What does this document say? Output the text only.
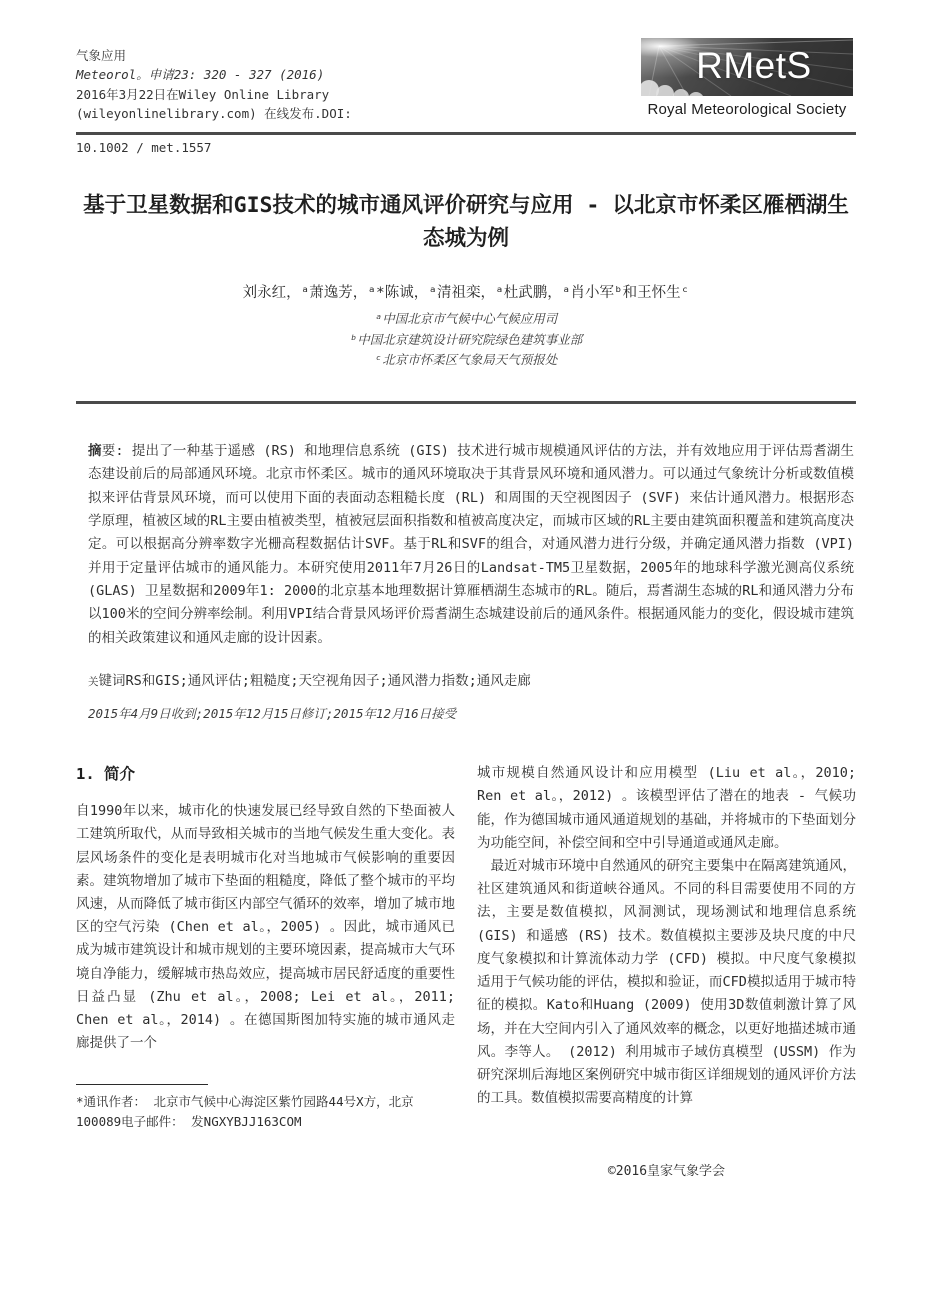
气象应用
Meteorol。申请23: 320 - 327 (2016)
2016年3月22日在Wiley Online Library
(wileyonlinelibrary.com) 在线发布.DOI:
RMetS
Royal Meteorological Society
10.1002 / met.1557
基于卫星数据和GIS技术的城市通风评价研究与应用 - 以北京市怀柔区雁栖湖生态城为例
刘永红，ᵃ萧逸芳，ᵃ*陈诚，ᵃ清祖栾，ᵃ杜武鹏，ᵃ肖小军ᵇ和王怀生ᶜ
ᵃ中国北京市气候中心气候应用司
ᵇ中国北京建筑设计研究院绿色建筑事业部
ᶜ北京市怀柔区气象局天气预报处

摘要: 提出了一种基于遥感 (RS) 和地理信息系统 (GIS) 技术进行城市规模通风评估的方法，并有效地应用于评估焉耆湖生态建设前后的局部通风环境。北京市怀柔区。城市的通风环境取决于其背景风环境和通风潜力。可以通过气象统计分析或数值模拟来评估背景风环境，而可以使用下面的表面动态粗糙长度 (RL) 和周围的天空视图因子 (SVF) 来估计通风潜力。根据形态学原理，植被区域的RL主要由植被类型，植被冠层面积指数和植被高度决定，而城市区域的RL主要由建筑面积覆盖和建筑高度决定。可以根据高分辨率数字光栅高程数据估计SVF。基于RL和SVF的组合，对通风潜力进行分级，并确定通风潜力指数 (VPI) 并用于定量评估城市的通风能力。本研究使用2011年7月26日的Landsat-TM5卫星数据，2005年的地球科学激光测高仪系统 (GLAS) 卫星数据和2009年1: 2000的北京基本地理数据计算雁栖湖生态城市的RL。随后，焉耆湖生态城的RL和通风潜力分布以100米的空间分辨率绘制。利用VPI结合背景风场评价焉耆湖生态城建设前后的通风条件。根据通风能力的变化，假设城市建筑的相关政策建议和通风走廊的设计因素。

关键词RS和GIS;通风评估;粗糙度;天空视角因子;通风潜力指数;通风走廊
2015年4月9日收到;2015年12月15日修订;2015年12月16日接受
1. 简介

自1990年以来，城市化的快速发展已经导致自然的下垫面被人工建筑所取代，从而导致相关城市的当地气候发生重大变化。表层风场条件的变化是表明城市化对当地城市气候影响的重要因素。建筑物增加了城市下垫面的粗糙度，降低了整个城市的平均风速，从而降低了城市街区内部空气循环的效率，增加了城市地区的空气污染 (Chen et al。，2005) 。因此，城市通风已成为城市建筑设计和城市规划的主要环境因素，提高城市大气环境自净能力，缓解城市热岛效应，提高城市居民舒适度的重要性日益凸显 (Zhu et al。，2008; Lei et al。，2011; Chen et al。，2014) 。在德国斯图加特实施的城市通风走廊提供了一个

*通讯作者： 北京市气候中心海淀区紫竹园路44号X方，北京100089电子邮件： 发NGXYBJJ163COM

城市规模自然通风设计和应用模型 (Liu et al。，2010; Ren et al。，2012) 。该模型评估了潜在的地表 - 气候功能，作为德国城市通风通道规划的基础，并将城市的下垫面划分为功能空间，补偿空间和空中引导通道或通风走廊。

最近对城市环境中自然通风的研究主要集中在隔离建筑通风，社区建筑通风和街道峡谷通风。不同的科目需要使用不同的方法，主要是数值模拟，风洞测试，现场测试和地理信息系统 (GIS) 和遥感 (RS) 技术。数值模拟主要涉及块尺度的中尺度气象模拟和计算流体动力学 (CFD) 模拟。中尺度气象模拟适用于气候功能的评估，模拟和验证，而CFD模拟适用于城市特征的模拟。Kato和Huang (2009) 使用3D数值刺激计算了风场，并在大空间内引入了通风效率的概念，以更好地描述城市通风。李等人。 (2012) 利用城市子域仿真模型 (USSM) 作为研究深圳后海地区案例研究中城市街区详细规划的通风评价方法的工具。数值模拟需要高精度的计算

©2016皇家气象学会
